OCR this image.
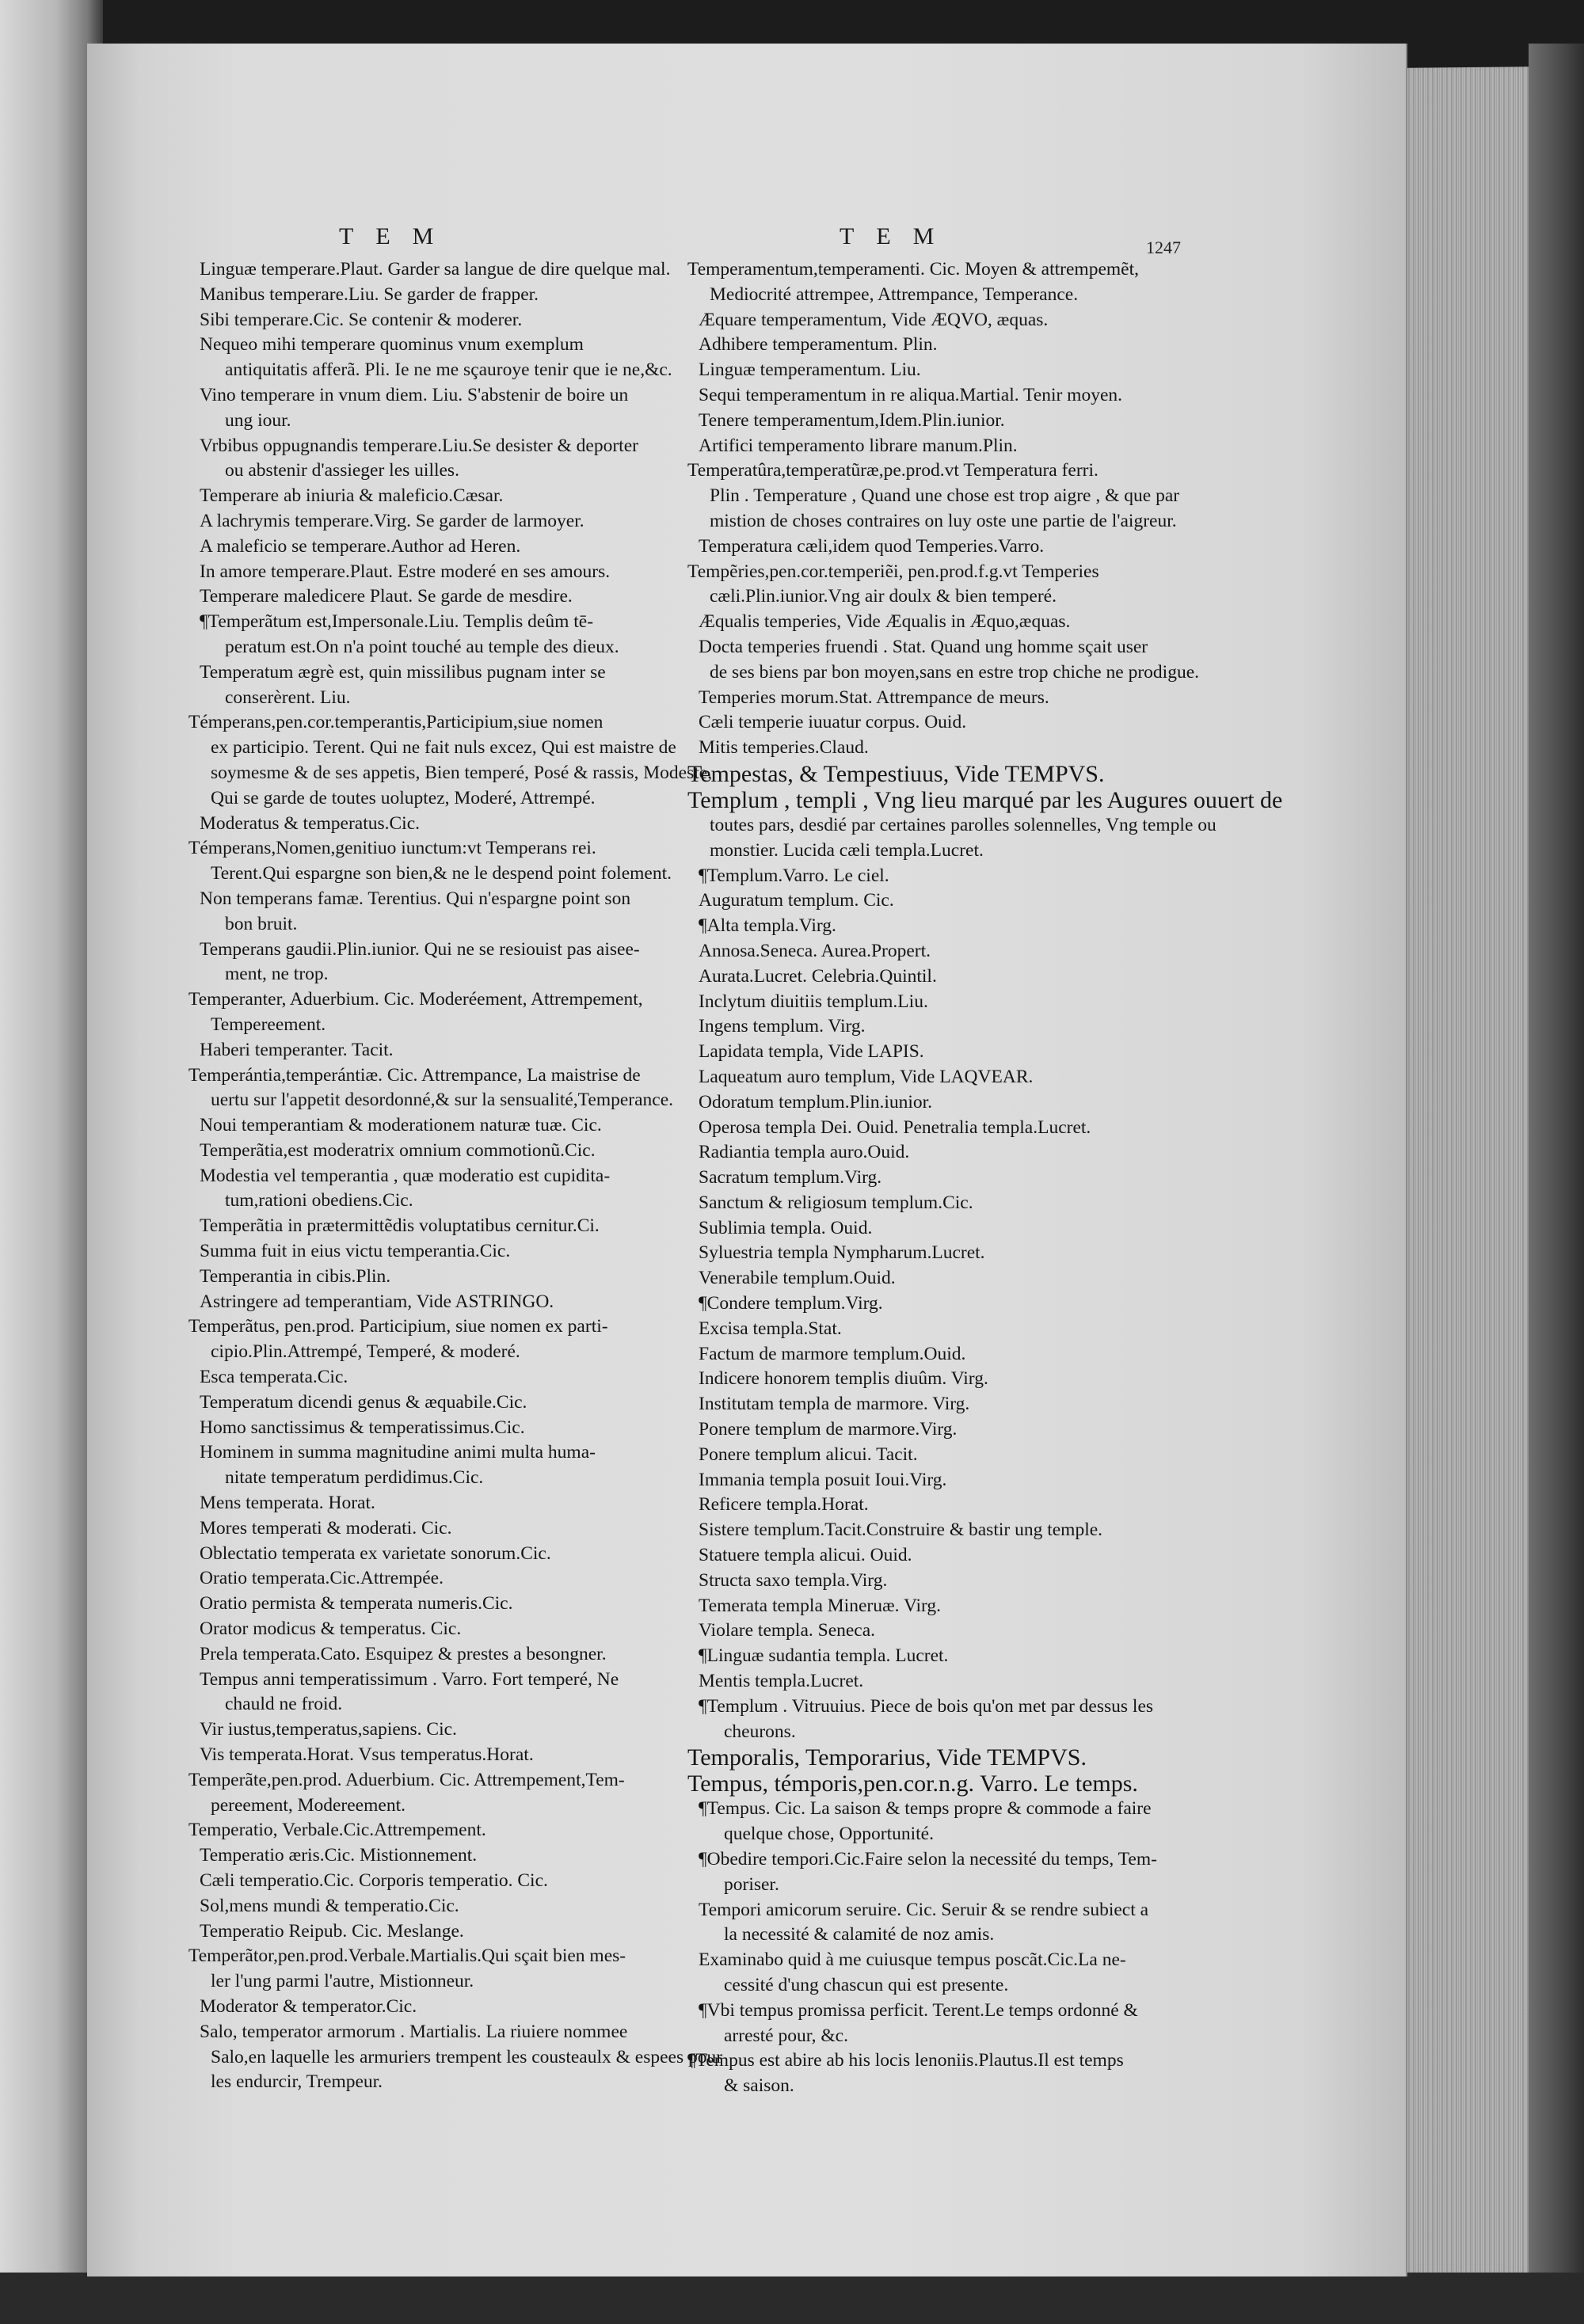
TEM	TEM	1247
Linguæ temperare.Plaut. Garder sa langue de dire quelque mal.
Manibus temperare.Liu. Se garder de frapper.
Sibi temperare.Cic. Se contenir & moderer.
Nequeo mihi temperare quominus vnum exemplum
antiquitatis afferã. Pli. Ie ne me sçauroye tenir que ie ne,&c.
Vino temperare in vnum diem. Liu. S'abstenir de boire un
ung iour.
Vrbibus oppugnandis temperare.Liu.Se desister & deporter
ou abstenir d'assieger les uilles.
Temperare ab iniuria & maleficio.Cæsar.
A lachrymis temperare.Virg. Se garder de larmoyer.
A maleficio se temperare.Author ad Heren.
In amore temperare.Plaut. Estre moderé en ses amours.
Temperare maledicere Plaut. Se garde de mesdire.
¶Temperãtum est,Impersonale.Liu. Templis deûm tē-
peratum est.On n'a point touché au temple des dieux.
Temperatum ægrè est, quin missilibus pugnam inter se
conserèrent. Liu.
Témperans,pen.cor.temperantis,Participium,siue nomen
ex participio. Terent. Qui ne fait nuls excez, Qui est maistre de
soymesme & de ses appetis, Bien temperé, Posé & rassis, Modeste,
Qui se garde de toutes uoluptez, Moderé, Attrempé.
Moderatus & temperatus.Cic.
Témperans,Nomen,genitiuo iunctum:vt Temperans rei.
Terent.Qui espargne son bien,& ne le despend point folement.
Non temperans famæ. Terentius. Qui n'espargne point son
bon bruit.
Temperans gaudii.Plin.iunior. Qui ne se resiouist pas aisee-
ment, ne trop.
Temperanter, Aduerbium. Cic. Moderéement, Attrempement,
Tempereement.
Haberi temperanter. Tacit.
Temperántia,temperántiæ. Cic. Attrempance, La maistrise de
uertu sur l'appetit desordonné,& sur la sensualité,Temperance.
Noui temperantiam & moderationem naturæ tuæ. Cic.
Temperãtia,est moderatrix omnium commotionũ.Cic.
Modestia vel temperantia , quæ moderatio est cupidita-
tum,rationi obediens.Cic.
Temperãtia in prætermittẽdis voluptatibus cernitur.Ci.
Summa fuit in eius victu temperantia.Cic.
Temperantia in cibis.Plin.
Astringere ad temperantiam, Vide ASTRINGO.
Temperãtus, pen.prod. Participium, siue nomen ex parti-
cipio.Plin.Attrempé, Temperé, & moderé.
Esca temperata.Cic.
Temperatum dicendi genus & æquabile.Cic.
Homo sanctissimus & temperatissimus.Cic.
Hominem in summa magnitudine animi multa huma-
nitate temperatum perdidimus.Cic.
Mens temperata. Horat.
Mores temperati & moderati. Cic.
Oblectatio temperata ex varietate sonorum.Cic.
Oratio temperata.Cic.Attrempée.
Oratio permista & temperata numeris.Cic.
Orator modicus & temperatus. Cic.
Prela temperata.Cato. Esquipez & prestes a besongner.
Tempus anni temperatissimum . Varro. Fort temperé, Ne
chauld ne froid.
Vir iustus,temperatus,sapiens. Cic.
Vis temperata.Horat. Vsus temperatus.Horat.
Temperãte,pen.prod. Aduerbium. Cic. Attrempement,Tem-
pereement, Modereement.
Temperatio, Verbale.Cic.Attrempement.
Temperatio æris.Cic. Mistionnement.
Cæli temperatio.Cic. Corporis temperatio. Cic.
Sol,mens mundi & temperatio.Cic.
Temperatio Reipub. Cic. Meslange.
Temperãtor,pen.prod.Verbale.Martialis.Qui sçait bien mes-
ler l'ung parmi l'autre, Mistionneur.
Moderator & temperator.Cic.
Salo, temperator armorum . Martialis. La riuiere nommee
Salo,en laquelle les armuriers trempent les cousteaulx & espees pour
les endurcir, Trempeur.
Temperamentum,temperamenti. Cic. Moyen & attrempemẽt,
Mediocrité attrempee, Attrempance, Temperance.
Æquare temperamentum, Vide ÆQVO, æquas.
Adhibere temperamentum. Plin.
Linguæ temperamentum. Liu.
Sequi temperamentum in re aliqua.Martial. Tenir moyen.
Tenere temperamentum,Idem.Plin.iunior.
Artifici temperamento librare manum.Plin.
Temperatûra,temperatũræ,pe.prod.vt Temperatura ferri.
Plin . Temperature , Quand une chose est trop aigre , & que par
mistion de choses contraires on luy oste une partie de l'aigreur.
Temperatura cæli,idem quod Temperies.Varro.
Tempẽries,pen.cor.temperiẽi, pen.prod.f.g.vt Temperies
cæli.Plin.iunior.Vng air doulx & bien temperé.
Æqualis temperies, Vide Æqualis in Æquo,æquas.
Docta temperies fruendi . Stat. Quand ung homme sçait user
de ses biens par bon moyen,sans en estre trop chiche ne prodigue.
Temperies morum.Stat. Attrempance de meurs.
Cæli temperie iuuatur corpus. Ouid.
Mitis temperies.Claud.
Tempestas, & Tempestiuus, Vide TEMPVS.
Templum , templi , Vng lieu marqué par les Augures ouuert de
toutes pars, desdié par certaines parolles solennelles, Vng temple ou
monstier. Lucida cæli templa.Lucret.
¶Templum.Varro. Le ciel.
Auguratum templum. Cic.
¶Alta templa.Virg.
Annosa.Seneca. Aurea.Propert.
Aurata.Lucret. Celebria.Quintil.
Inclytum diuitiis templum.Liu.
Ingens templum. Virg.
Lapidata templa, Vide LAPIS.
Laqueatum auro templum, Vide LAQVEAR.
Odoratum templum.Plin.iunior.
Operosa templa Dei. Ouid. Penetralia templa.Lucret.
Radiantia templa auro.Ouid.
Sacratum templum.Virg.
Sanctum & religiosum templum.Cic.
Sublimia templa. Ouid.
Syluestria templa Nympharum.Lucret.
Venerabile templum.Ouid.
¶Condere templum.Virg.
Excisa templa.Stat.
Factum de marmore templum.Ouid.
Indicere honorem templis diuûm. Virg.
Institutam templa de marmore. Virg.
Ponere templum de marmore.Virg.
Ponere templum alicui. Tacit.
Immania templa posuit Ioui.Virg.
Reficere templa.Horat.
Sistere templum.Tacit.Construire & bastir ung temple.
Statuere templa alicui. Ouid.
Structa saxo templa.Virg.
Temerata templa Mineruæ. Virg.
Violare templa. Seneca.
¶Linguæ sudantia templa. Lucret.
Mentis templa.Lucret.
¶Templum . Vitruuius. Piece de bois qu'on met par dessus les
cheurons.
Temporalis, Temporarius, Vide TEMPVS.
Tempus, témporis,pen.cor.n.g. Varro. Le temps.
¶Tempus. Cic. La saison & temps propre & commode a faire
quelque chose, Opportunité.
¶Obedire tempori.Cic.Faire selon la necessité du temps, Tem-
poriser.
Tempori amicorum seruire. Cic. Seruir & se rendre subiect a
la necessité & calamité de noz amis.
Examinabo quid à me cuiusque tempus poscãt.Cic.La ne-
cessité d'ung chascun qui est presente.
¶Vbi tempus promissa perficit. Terent.Le temps ordonné &
arresté pour, &c.
¶Tempus est abire ab his locis lenoniis.Plautus.Il est temps
& saison.
